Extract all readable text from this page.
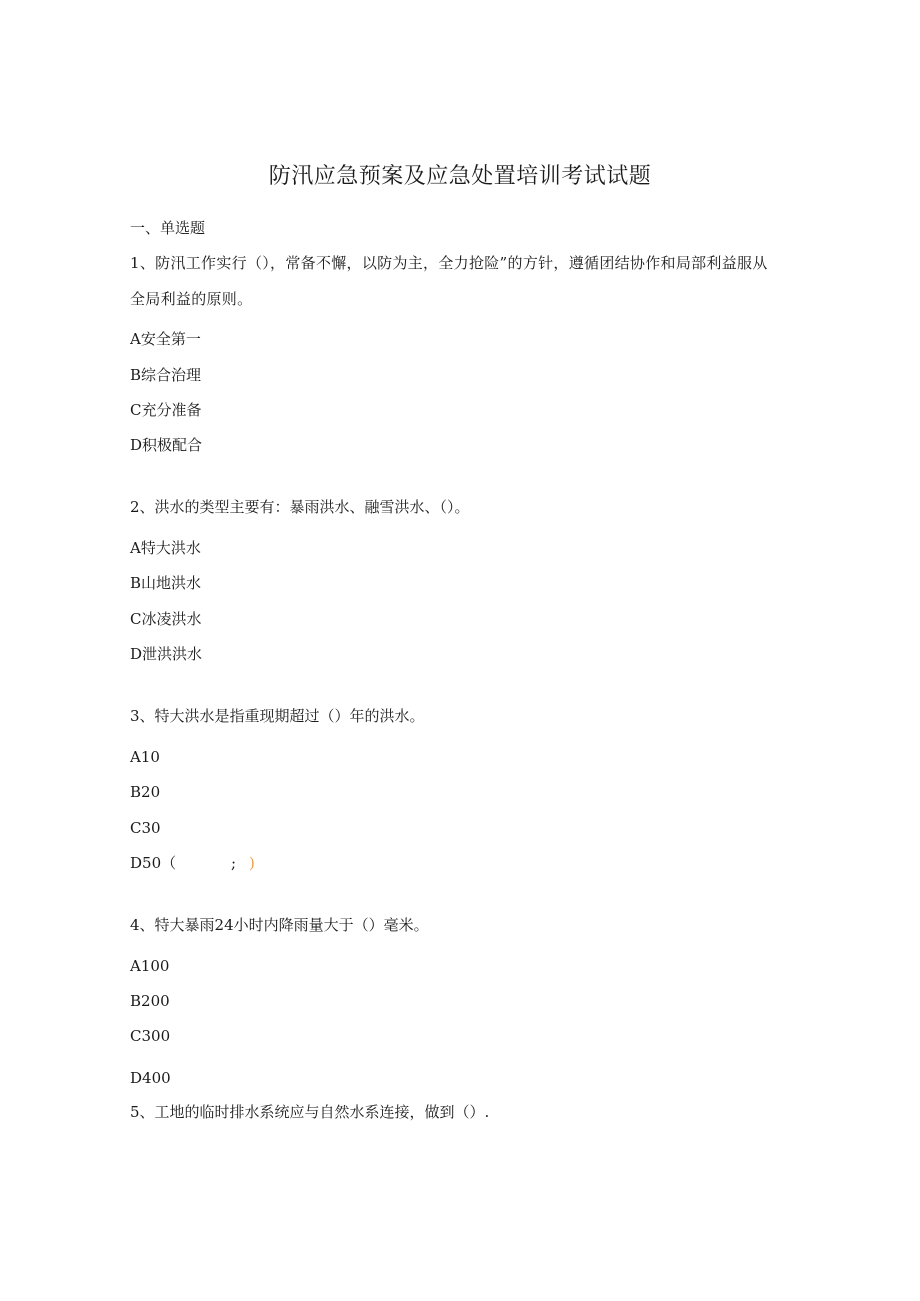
防汛应急预案及应急处置培训考试试题
一、单选题
1、防汛工作实行（），常备不懈，以防为主，全力抢险”的方针，遵循团结协作和局部利益服从全局利益的原则。
A安全第一
B综合治理
C充分准备
D积极配合
2、洪水的类型主要有：暴雨洪水、融雪洪水、（）。
A特大洪水
B山地洪水
C冰凌洪水
D泄洪洪水
3、特大洪水是指重现期超过（）年的洪水。
A10
B20
C30
D50（	; )
4、特大暴雨24小时内降雨量大于（）毫米。
A100
B200
C300
D400
5、工地的临时排水系统应与自然水系连接，做到（）.
